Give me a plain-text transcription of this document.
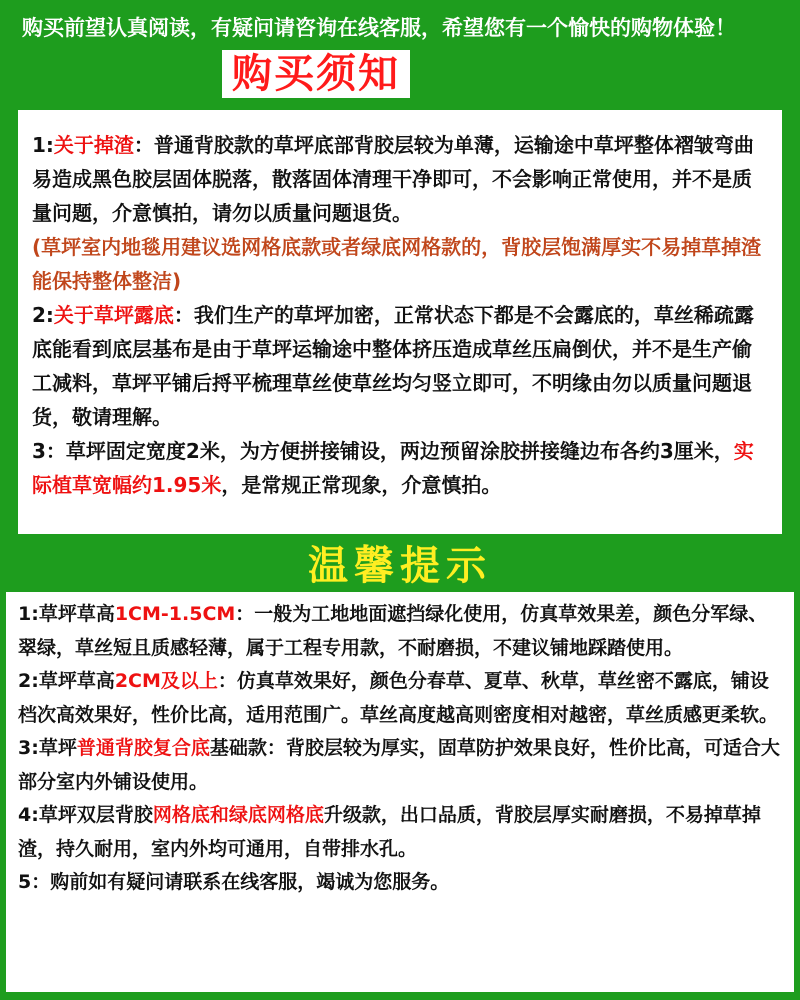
购买前望认真阅读，有疑问请咨询在线客服，希望您有一个愉快的购物体验！ 购买须知
1:关于掉渣：普通背胶款的草坪底部背胶层较为单薄，运输途中草坪整体褶皱弯曲易造成黑色胶层固体脱落，散落固体清理干净即可，不会影响正常使用，并不是质量问题，介意慎拍，请勿以质量问题退货。
(草坪室内地毯用建议选网格底款或者绿底网格款的，背胶层饱满厚实不易掉草掉渣能保持整体整洁)
2:关于草坪露底：我们生产的草坪加密，正常状态下都是不会露底的，草丝稀疏露底能看到底层基布是由于草坪运输途中整体挤压造成草丝压扁倒伏，并不是生产偷工减料，草坪平铺后捋平梳理草丝使草丝均匀竖立即可，不明缘由勿以质量问题退货，敬请理解。
3：草坪固定宽度2米，为方便拼接铺设，两边预留涂胶拼接缝边布各约3厘米，实际植草宽幅约1.95米，是常规正常现象，介意慎拍。
温馨提示
1:草坪草高1CM-1.5CM：一般为工地地面遮挡绿化使用，仿真草效果差，颜色分军绿、翠绿，草丝短且质感轻薄，属于工程专用款，不耐磨损，不建议铺地踩踏使用。
2:草坪草高2CM及以上：仿真草效果好，颜色分春草、夏草、秋草，草丝密不露底，铺设档次高效果好，性价比高，适用范围广。草丝高度越高则密度相对越密，草丝质感更柔软。
3:草坪普通背胶复合底基础款：背胶层较为厚实，固草防护效果良好，性价比高，可适合大部分室内外铺设使用。
4:草坪双层背胶网格底和绿底网格底升级款，出口品质，背胶层厚实耐磨损，不易掉草掉渣，持久耐用，室内外均可通用，自带排水孔。
5：购前如有疑问请联系在线客服，竭诚为您服务。
